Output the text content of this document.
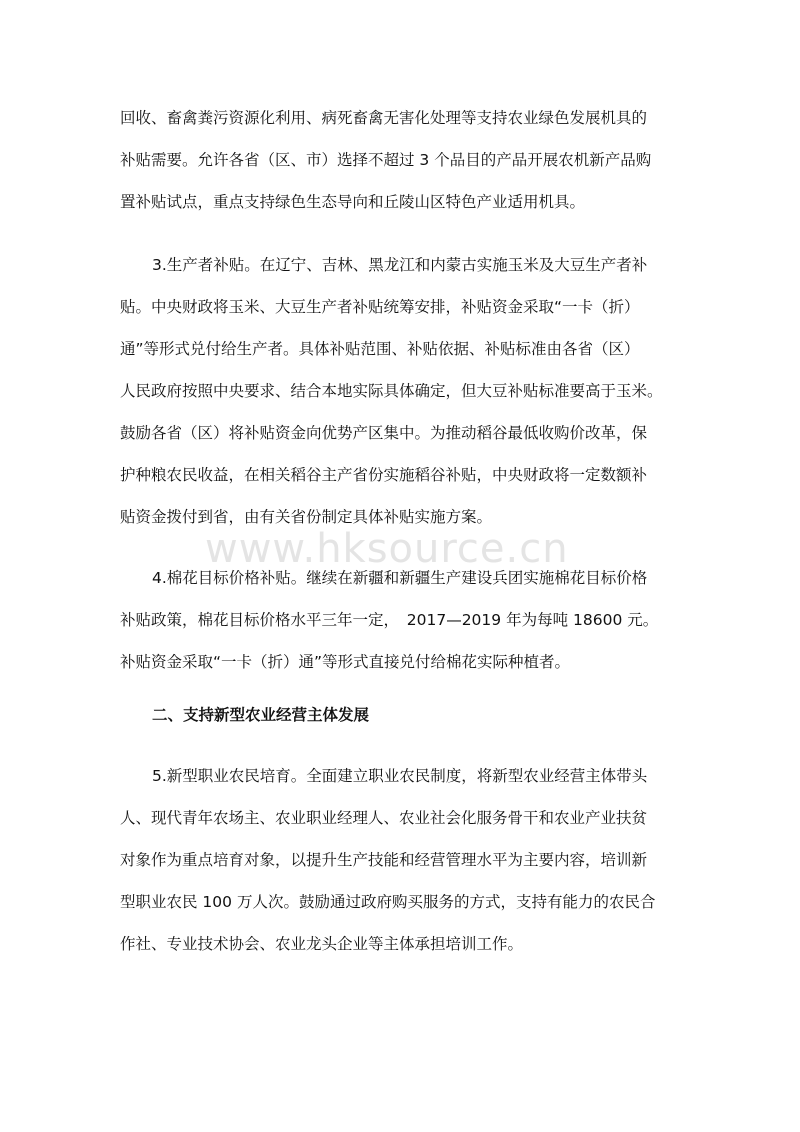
www.hksource.cn
回收、畜禽粪污资源化利用、病死畜禽无害化处理等支持农业绿色发展机具的
补贴需要。允许各省（区、市）选择不超过 3 个品目的产品开展农机新产品购
置补贴试点，重点支持绿色生态导向和丘陵山区特色产业适用机具。
3.生产者补贴。在辽宁、吉林、黑龙江和内蒙古实施玉米及大豆生产者补
贴。中央财政将玉米、大豆生产者补贴统筹安排，补贴资金采取“一卡（折）
通”等形式兑付给生产者。具体补贴范围、补贴依据、补贴标准由各省（区）
人民政府按照中央要求、结合本地实际具体确定，但大豆补贴标准要高于玉米。
鼓励各省（区）将补贴资金向优势产区集中。为推动稻谷最低收购价改革，保
护种粮农民收益，在相关稻谷主产省份实施稻谷补贴，中央财政将一定数额补
贴资金拨付到省，由有关省份制定具体补贴实施方案。
4.棉花目标价格补贴。继续在新疆和新疆生产建设兵团实施棉花目标价格
补贴政策，棉花目标价格水平三年一定，　2017—2019 年为每吨 18600 元。
补贴资金采取“一卡（折）通”等形式直接兑付给棉花实际种植者。
二、支持新型农业经营主体发展
5.新型职业农民培育。全面建立职业农民制度，将新型农业经营主体带头
人、现代青年农场主、农业职业经理人、农业社会化服务骨干和农业产业扶贫
对象作为重点培育对象，以提升生产技能和经营管理水平为主要内容，培训新
型职业农民 100 万人次。鼓励通过政府购买服务的方式，支持有能力的农民合
作社、专业技术协会、农业龙头企业等主体承担培训工作。
